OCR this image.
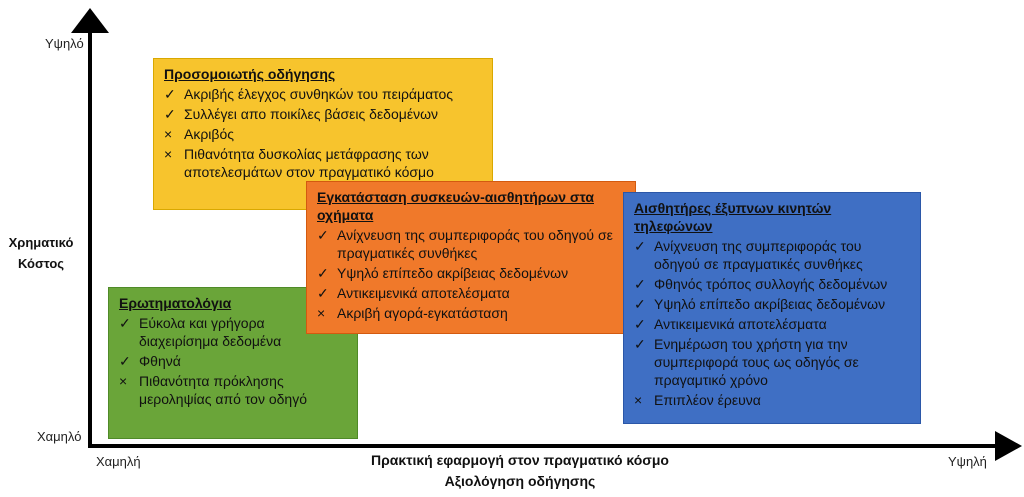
Υψηλό
Χαμηλό
Χρηματικό
Κόστος
Χαμηλή	Υψηλή
Πρακτική εφαρμογή στον πραγματικό κόσμο
Αξιολόγηση οδήγησης
Προσομοιωτής οδήγησης
✓ Ακριβής έλεγχος συνθηκών του πειράματος
✓ Συλλέγει απο ποικίλες βάσεις δεδομένων
× Ακριβός
× Πιθανότητα δυσκολίας μετάφρασης των αποτελεσμάτων στον πραγματικό κόσμο
Ερωτηματολόγια
✓ Εύκολα και γρήγορα διαχειρίσημα δεδομένα
✓ Φθηνά
× Πιθανότητα πρόκλησης μεροληψίας από τον οδηγό
Εγκατάσταση συσκευών-αισθητήρων στα οχήματα
✓ Ανίχνευση της συμπεριφοράς του οδηγού σε πραγματικές συνθήκες
✓ Υψηλό επίπεδο ακρίβειας δεδομένων
✓ Αντικειμενικά αποτελέσματα
× Ακριβή αγορά-εγκατάσταση
Αισθητήρες έξυπνων κινητών τηλεφώνων
✓ Ανίχνευση της συμπεριφοράς του οδηγού σε πραγματικές συνθήκες
✓ Φθηνός τρόπος συλλογής δεδομένων
✓ Υψηλό επίπεδο ακρίβειας δεδομένων
✓ Αντικειμενικά αποτελέσματα
✓ Ενημέρωση του χρήστη για την συμπεριφορά τους ως οδηγός σε πραγαμτικό χρόνο
× Επιπλέον έρευνα
